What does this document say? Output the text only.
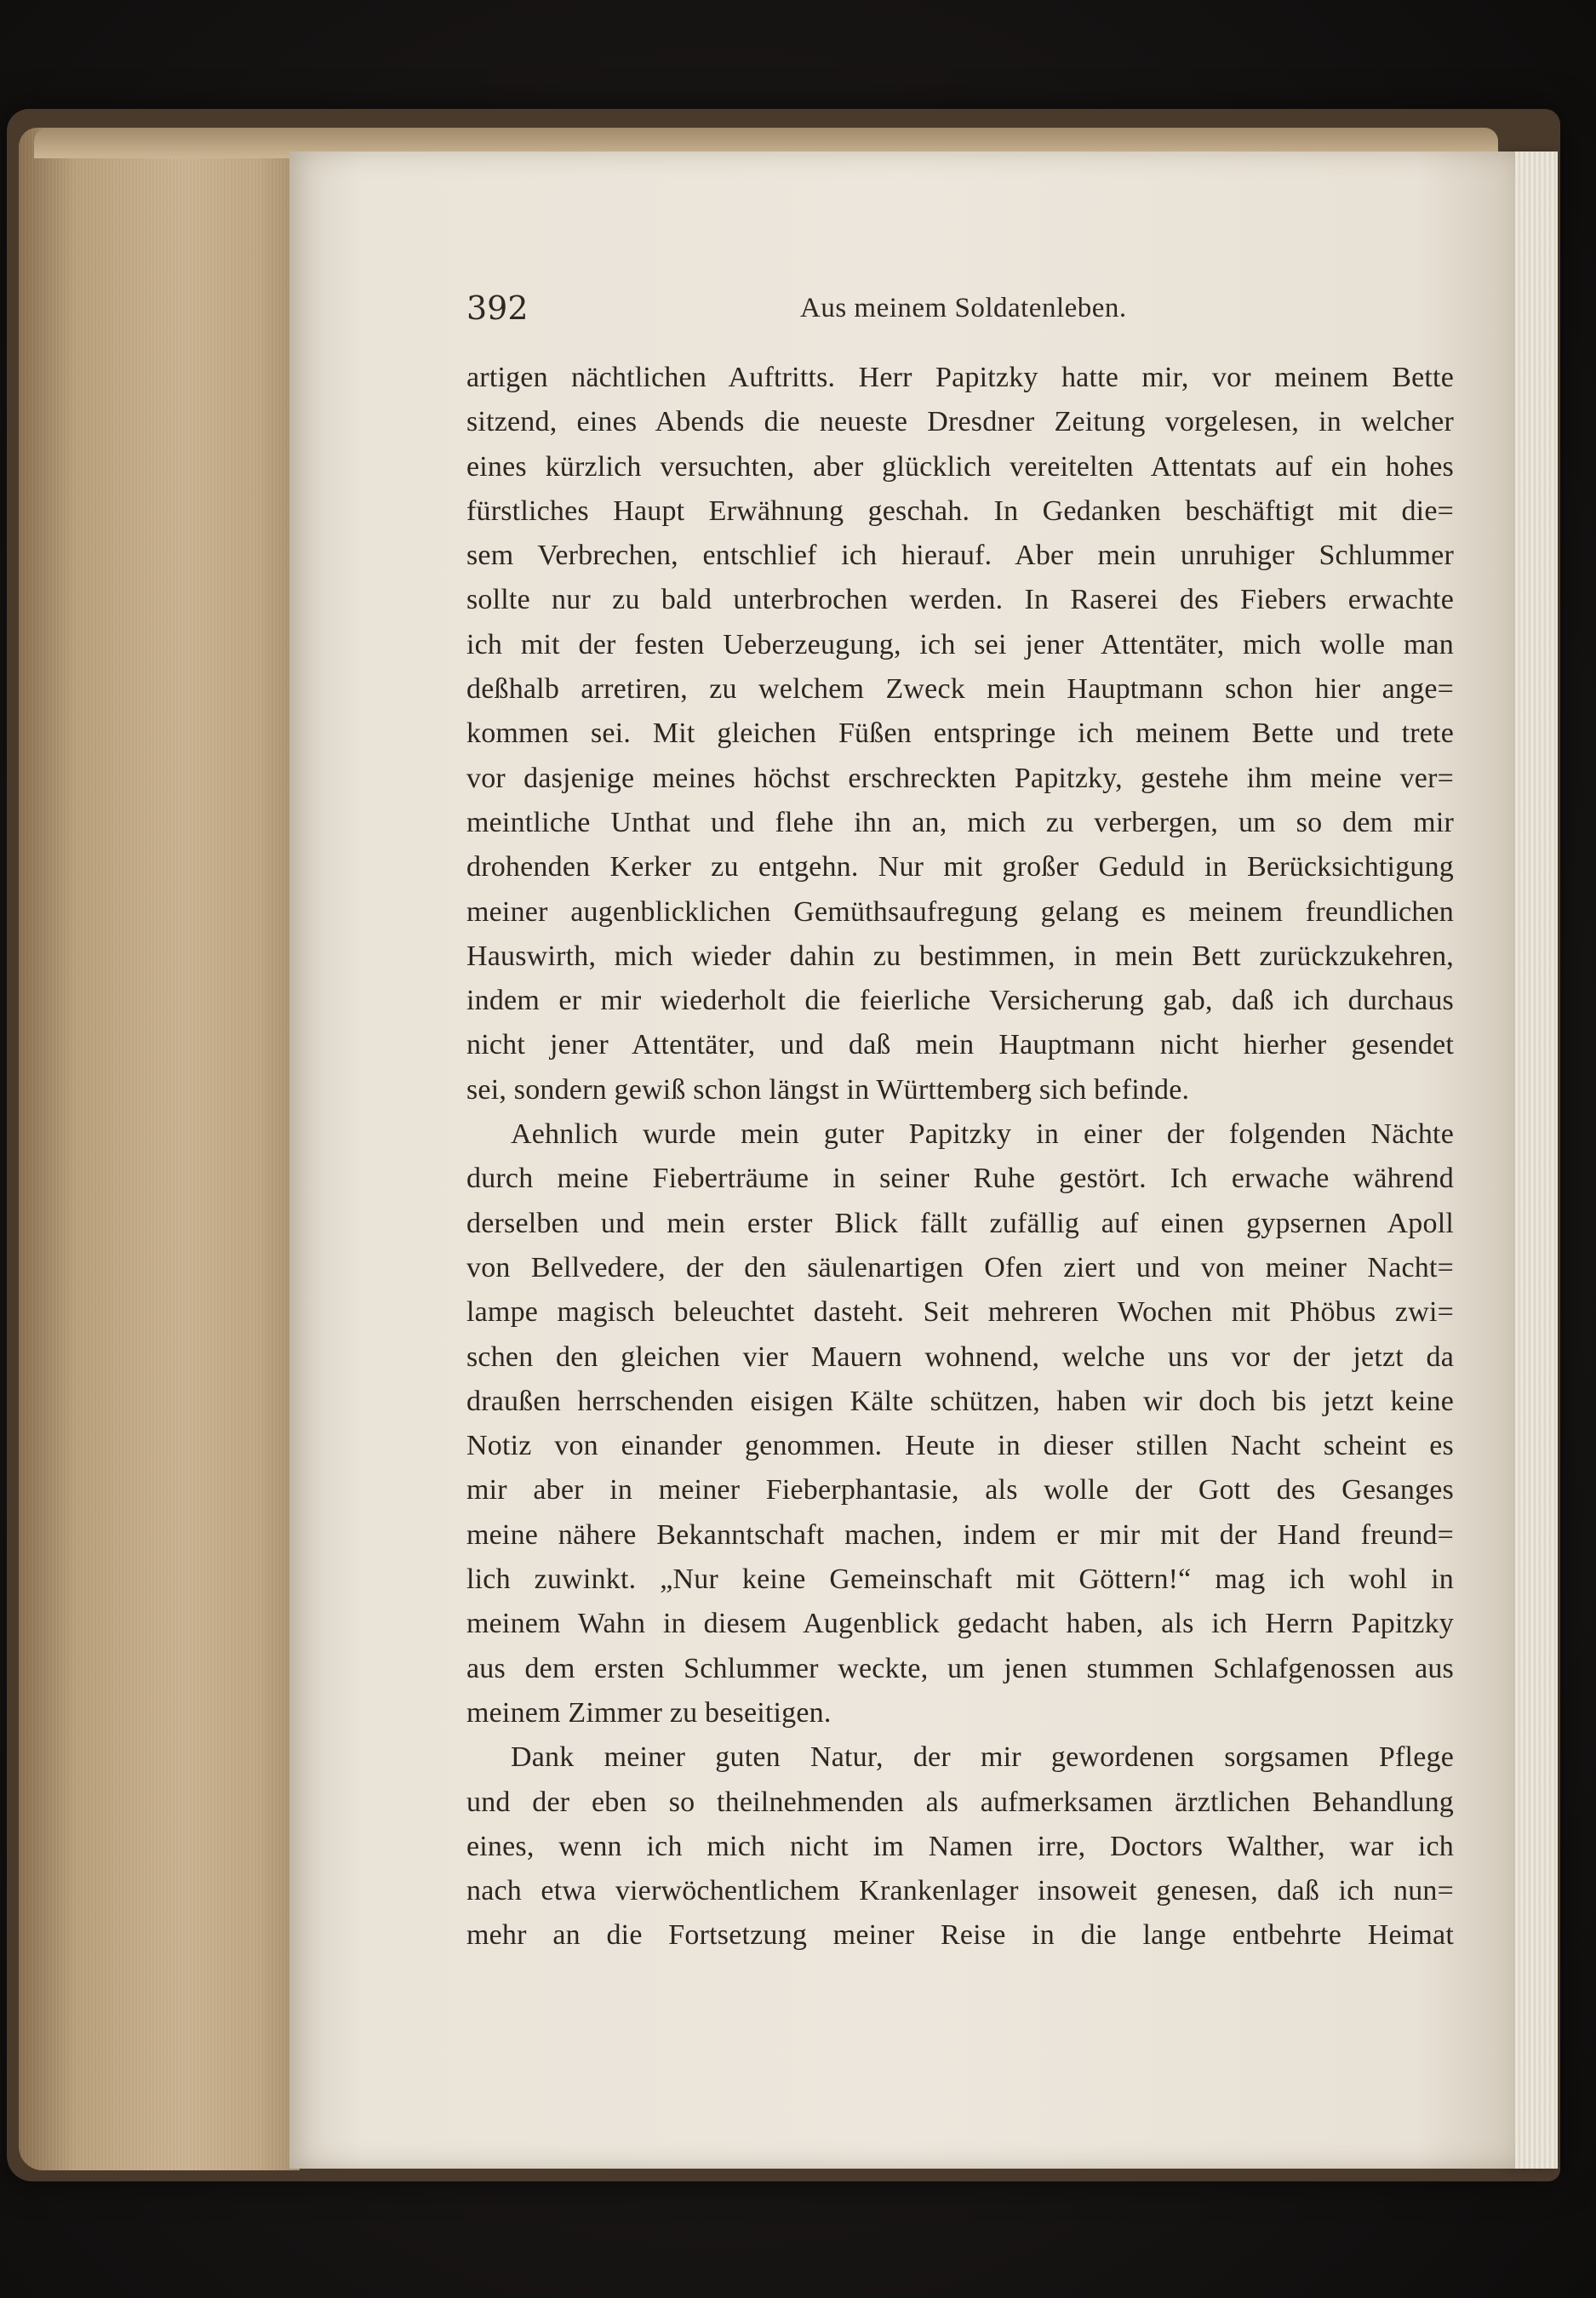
392	Aus meinem Soldatenleben.
artigen nächtlichen Auftritts. Herr Papitzky hatte mir, vor meinem Bette
sitzend, eines Abends die neueste Dresdner Zeitung vorgelesen, in welcher
eines kürzlich versuchten, aber glücklich vereitelten Attentats auf ein hohes
fürstliches Haupt Erwähnung geschah. In Gedanken beschäftigt mit die=
sem Verbrechen, entschlief ich hierauf. Aber mein unruhiger Schlummer
sollte nur zu bald unterbrochen werden. In Raserei des Fiebers erwachte
ich mit der festen Ueberzeugung, ich sei jener Attentäter, mich wolle man
deßhalb arretiren, zu welchem Zweck mein Hauptmann schon hier ange=
kommen sei. Mit gleichen Füßen entspringe ich meinem Bette und trete
vor dasjenige meines höchst erschreckten Papitzky, gestehe ihm meine ver=
meintliche Unthat und flehe ihn an, mich zu verbergen, um so dem mir
drohenden Kerker zu entgehn. Nur mit großer Geduld in Berücksichtigung
meiner augenblicklichen Gemüthsaufregung gelang es meinem freundlichen
Hauswirth, mich wieder dahin zu bestimmen, in mein Bett zurückzukehren,
indem er mir wiederholt die feierliche Versicherung gab, daß ich durchaus
nicht jener Attentäter, und daß mein Hauptmann nicht hierher gesendet
sei, sondern gewiß schon längst in Württemberg sich befinde.
Aehnlich wurde mein guter Papitzky in einer der folgenden Nächte
durch meine Fieberträume in seiner Ruhe gestört. Ich erwache während
derselben und mein erster Blick fällt zufällig auf einen gypsernen Apoll
von Bellvedere, der den säulenartigen Ofen ziert und von meiner Nacht=
lampe magisch beleuchtet dasteht. Seit mehreren Wochen mit Phöbus zwi=
schen den gleichen vier Mauern wohnend, welche uns vor der jetzt da
draußen herrschenden eisigen Kälte schützen, haben wir doch bis jetzt keine
Notiz von einander genommen. Heute in dieser stillen Nacht scheint es
mir aber in meiner Fieberphantasie, als wolle der Gott des Gesanges
meine nähere Bekanntschaft machen, indem er mir mit der Hand freund=
lich zuwinkt. „Nur keine Gemeinschaft mit Göttern!“ mag ich wohl in
meinem Wahn in diesem Augenblick gedacht haben, als ich Herrn Papitzky
aus dem ersten Schlummer weckte, um jenen stummen Schlafgenossen aus
meinem Zimmer zu beseitigen.
Dank meiner guten Natur, der mir gewordenen sorgsamen Pflege
und der eben so theilnehmenden als aufmerksamen ärztlichen Behandlung
eines, wenn ich mich nicht im Namen irre, Doctors Walther, war ich
nach etwa vierwöchentlichem Krankenlager insoweit genesen, daß ich nun=
mehr an die Fortsetzung meiner Reise in die lange entbehrte Heimat
